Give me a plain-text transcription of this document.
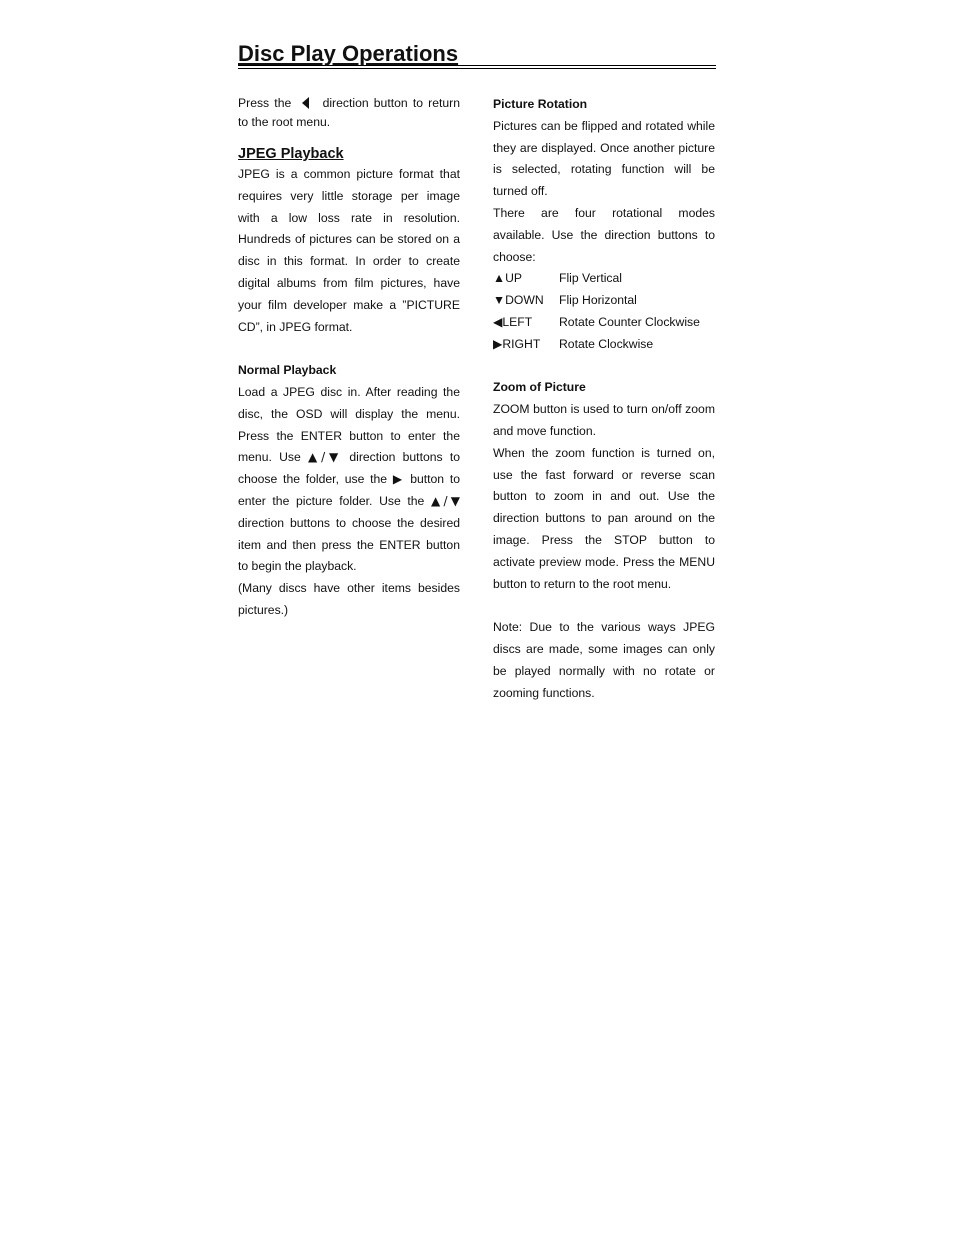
Disc Play Operations

Press the	direction button to return to the root menu.

JPEG Playback

JPEG is a common picture format that requires very little storage per image with a low loss rate in resolution. Hundreds of pictures can be stored on a disc in this format. In order to create digital albums from film pictures, have your film developer make a ”PICTURE CD”, in JPEG format.

Normal Playback

Load a JPEG disc in. After reading the disc, the OSD will display the menu. Press the ENTER button to enter the menu. Use ▲/▼ direction buttons to choose the folder, use the ▶ button to enter the picture folder. Use the ▲/▼ direction buttons to choose the desired item and then press the ENTER button to begin the playback.

(Many discs have other items besides pictures.)

Picture Rotation

Pictures can be flipped and rotated while they are displayed. Once another picture is selected, rotating function will be turned off.

There are four rotational modes available. Use the direction buttons to choose:

▲UP	Flip Vertical
▼DOWN	Flip Horizontal
◀LEFT	Rotate Counter Clockwise
▶RIGHT	Rotate Clockwise
Zoom of Picture

ZOOM button is used to turn on/off zoom and move function.

When the zoom function is turned on, use the fast forward or reverse scan button to zoom in and out. Use the direction buttons to pan around on the image. Press the STOP button to activate preview mode. Press the MENU button to return to the root menu.

Note: Due to the various ways JPEG discs are made, some images can only be played normally with no rotate or zooming functions.
